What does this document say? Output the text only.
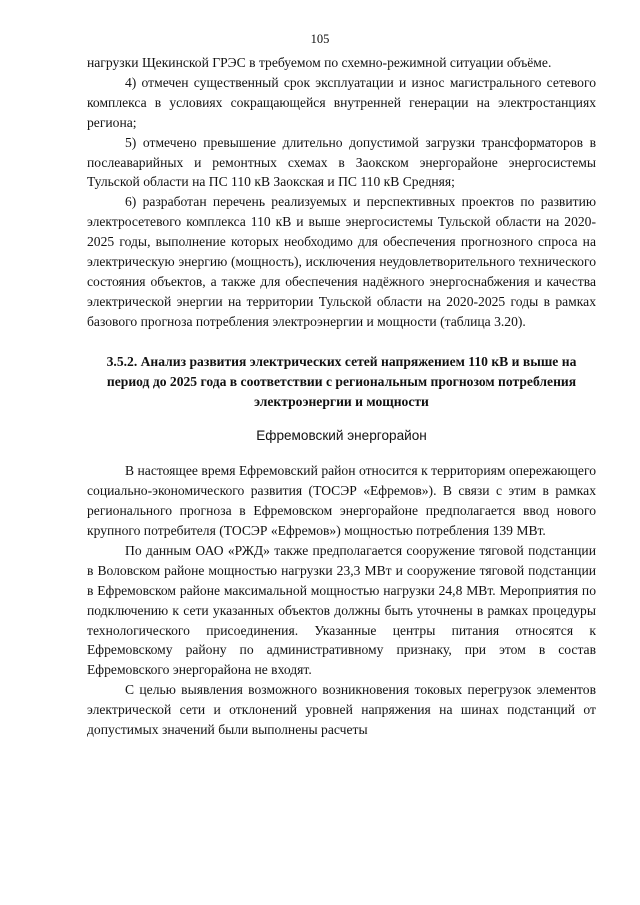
105

нагрузки Щекинской ГРЭС в требуемом по схемно-режимной ситуации объёме.

4) отмечен существенный срок эксплуатации и износ магистрального сетевого комплекса в условиях сокращающейся внутренней генерации на электростанциях региона;

5) отмечено превышение длительно допустимой загрузки трансформаторов в послеаварийных и ремонтных схемах в Заокском энергорайоне энергосистемы Тульской области на ПС 110 кВ Заокская и ПС 110 кВ Средняя;

6) разработан перечень реализуемых и перспективных проектов по развитию электросетевого комплекса 110 кВ и выше энергосистемы Тульской области на 2020-2025 годы, выполнение которых необходимо для обеспечения прогнозного спроса на электрическую энергию (мощность), исключения неудовлетворительного технического состояния объектов, а также для обеспечения надёжного энергоснабжения и качества электрической энергии на территории Тульской области на 2020-2025 годы в рамках базового прогноза потребления электроэнергии и мощности (таблица 3.20).

3.5.2. Анализ развития электрических сетей напряжением 110 кВ и выше на период до 2025 года в соответствии с региональным прогнозом потребления электроэнергии и мощности

Ефремовский энергорайон

В настоящее время Ефремовский район относится к территориям опережающего социально-экономического развития (ТОСЭР «Ефремов»). В связи с этим в рамках регионального прогноза в Ефремовском энергорайоне предполагается ввод нового крупного потребителя (ТОСЭР «Ефремов») мощностью потребления 139 МВт.

По данным ОАО «РЖД» также предполагается сооружение тяговой подстанции в Воловском районе мощностью нагрузки 23,3 МВт и сооружение тяговой подстанции в Ефремовском районе максимальной мощностью нагрузки 24,8 МВт. Мероприятия по подключению к сети указанных объектов должны быть уточнены в рамках процедуры технологического присоединения. Указанные центры питания относятся к Ефремовскому району по административному признаку, при этом в состав Ефремовского энергорайона не входят.

С целью выявления возможного возникновения токовых перегрузок элементов электрической сети и отклонений уровней напряжения на шинах подстанций от допустимых значений были выполнены расчеты
